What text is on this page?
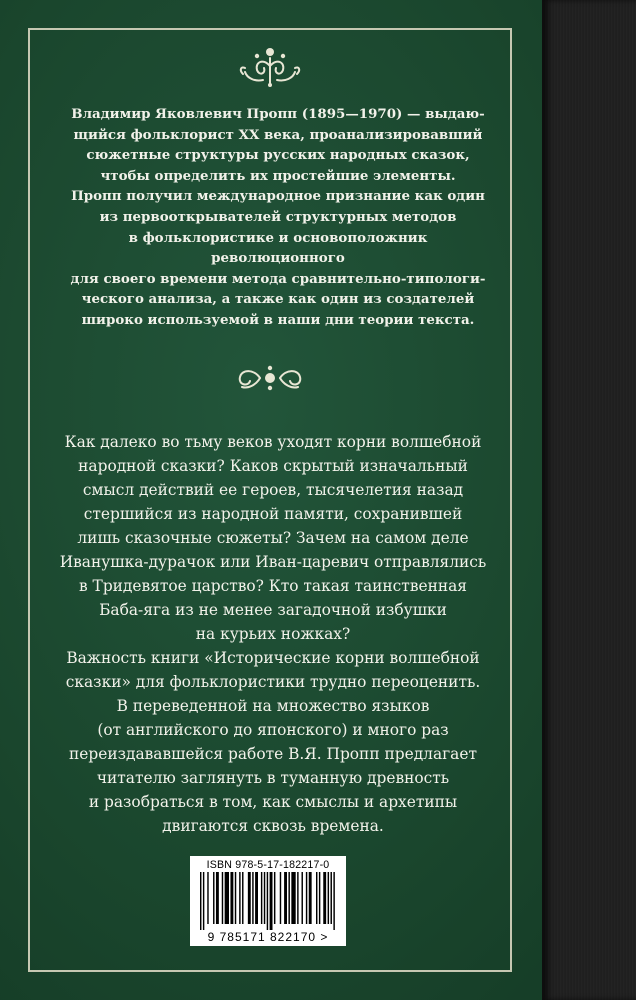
Владимир Яковлевич Пропп (1895—1970) — выдаю-

щийся фольклорист ХХ века, проанализировавший

сюжетные структуры русских народных сказок,

чтобы определить их простейшие элементы.

Пропп получил международное признание как один

из первооткрывателей структурных методов

в фольклористике и основоположник революционного

для своего времени метода сравнительно-типологи-

ческого анализа, а также как один из создателей

широко используемой в наши дни теории текста.

Как далеко во тьму веков уходят корни волшебной

народной сказки? Каков скрытый изначальный

смысл действий ее героев, тысячелетия назад

стершийся из народной памяти, сохранившей

лишь сказочные сюжеты? Зачем на самом деле

Иванушка-дурачок или Иван-царевич отправлялись

в Тридевятое царство? Кто такая таинственная

Баба-яга из не менее загадочной избушки

на курьих ножках?

Важность книги «Исторические корни волшебной

сказки» для фольклористики трудно переоценить.

В переведенной на множество языков

(от английского до японского) и много раз

переиздававшейся работе В.Я. Пропп предлагает

читателю заглянуть в туманную древность

и разобраться в том, как смыслы и архетипы

двигаются сквозь времена.

ISBN 978-5-17-182217-0
9 785171 822170 >
